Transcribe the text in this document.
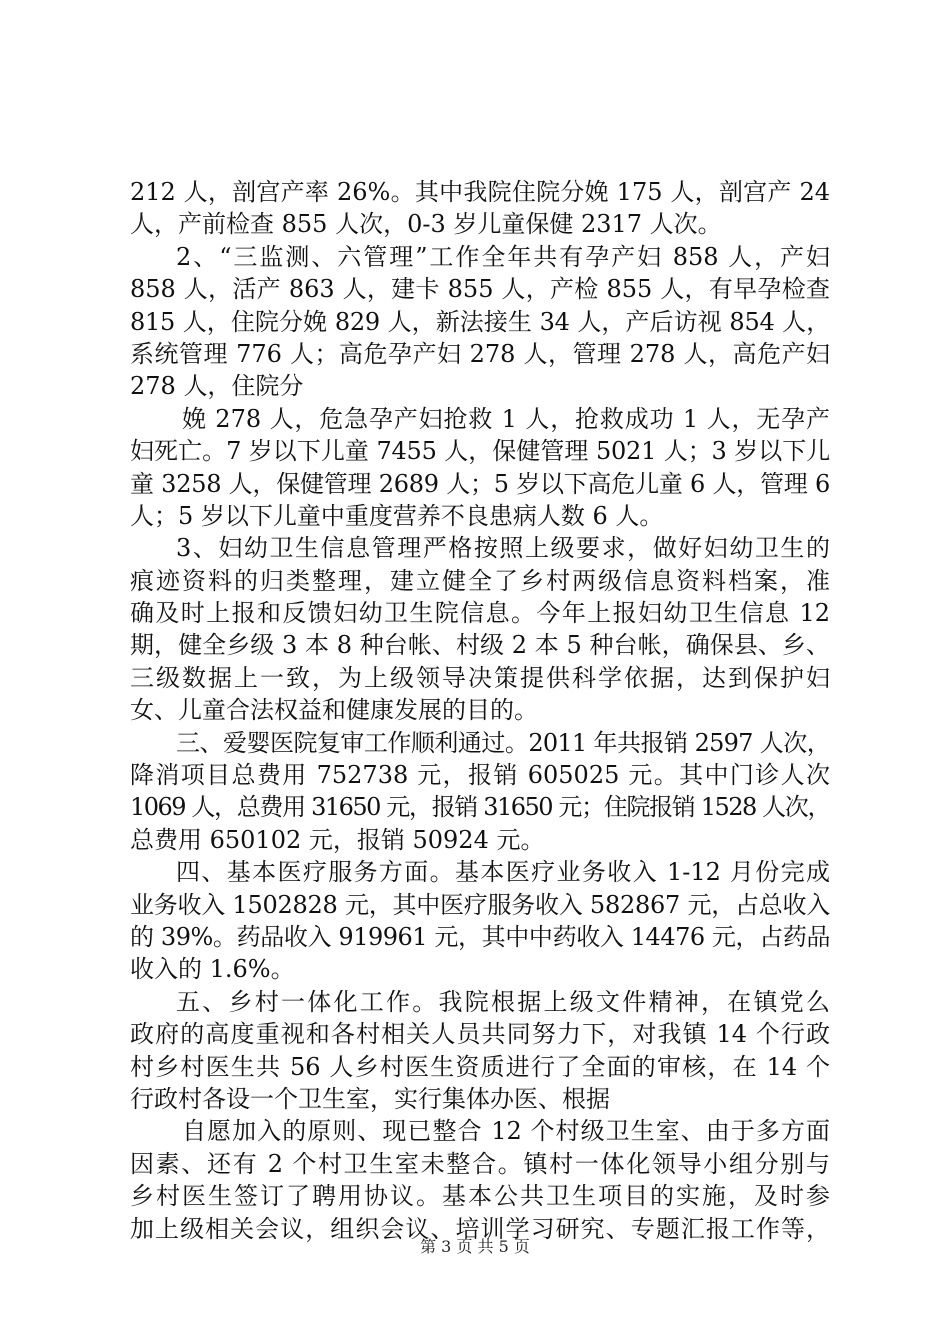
212 人，剖宫产率 26%。其中我院住院分娩 175 人，剖宫产 24
人，产前检查 855 人次，0-3 岁儿童保健 2317 人次。
2、“三监测、六管理”工作全年共有孕产妇 858 人，产妇
858 人，活产 863 人，建卡 855 人，产检 855 人，有早孕检查
815 人，住院分娩 829 人，新法接生 34 人，产后访视 854 人，
系统管理 776 人；高危孕产妇 278 人，管理 278 人，高危产妇
278 人，住院分
娩 278 人，危急孕产妇抢救 1 人，抢救成功 1 人，无孕产
妇死亡。7 岁以下儿童 7455 人，保健管理 5021 人；3 岁以下儿
童 3258 人，保健管理 2689 人；5 岁以下高危儿童 6 人，管理 6
人；5 岁以下儿童中重度营养不良患病人数 6 人。
3、妇幼卫生信息管理严格按照上级要求，做好妇幼卫生的
痕迹资料的归类整理，建立健全了乡村两级信息资料档案，准
确及时上报和反馈妇幼卫生院信息。今年上报妇幼卫生信息 12
期，健全乡级 3 本 8 种台帐、村级 2 本 5 种台帐，确保县、乡、
三级数据上一致，为上级领导决策提供科学依据，达到保护妇
女、儿童合法权益和健康发展的目的。
三、爱婴医院复审工作顺利通过。2011 年共报销 2597 人次，
降消项目总费用 752738 元，报销 605025 元。其中门诊人次
1069 人，总费用 31650 元，报销 31650 元；住院报销 1528 人次，
总费用 650102 元，报销 50924 元。
四、基本医疗服务方面。基本医疗业务收入 1-12 月份完成
业务收入 1502828 元，其中医疗服务收入 582867 元，占总收入
的 39%。药品收入 919961 元，其中中药收入 14476 元，占药品
收入的 1.6%。
五、乡村一体化工作。我院根据上级文件精神，在镇党么
政府的高度重视和各村相关人员共同努力下，对我镇 14 个行政
村乡村医生共 56 人乡村医生资质进行了全面的审核，在 14 个
行政村各设一个卫生室，实行集体办医、根据
自愿加入的原则、现已整合 12 个村级卫生室、由于多方面
因素、还有 2 个村卫生室未整合。镇村一体化领导小组分别与
乡村医生签订了聘用协议。基本公共卫生项目的实施，及时参
加上级相关会议，组织会议、培训学习研究、专题汇报工作等，
第 3 页 共 5 页
